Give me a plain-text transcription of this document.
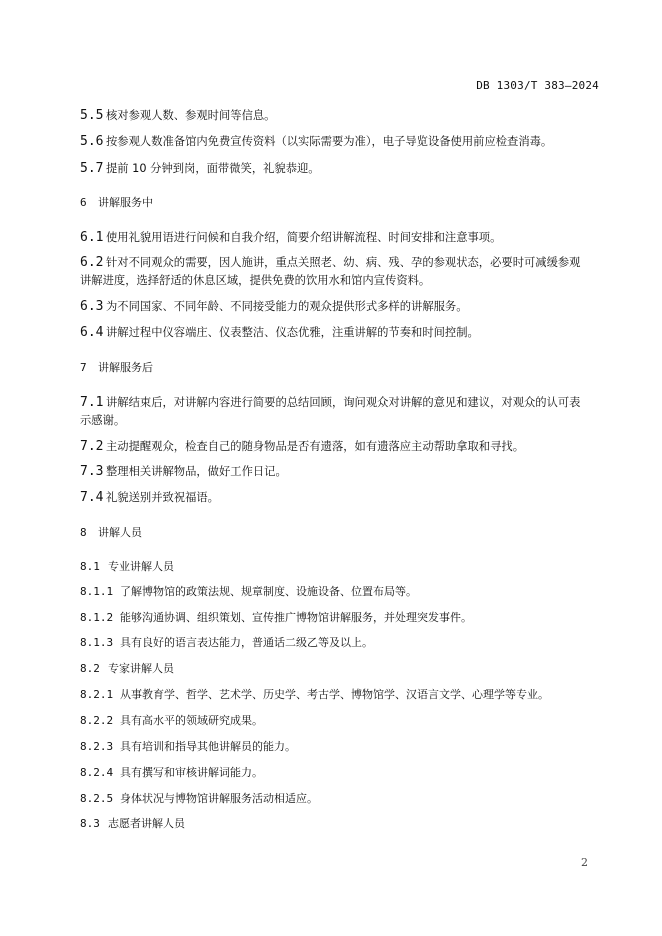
DB 1303/T 383—2024
5.5 核对参观人数、参观时间等信息。
5.6 按参观人数准备馆内免费宣传资料（以实际需要为准），电子导览设备使用前应检查消毒。
5.7 提前 10 分钟到岗，面带微笑，礼貌恭迎。
6 讲解服务中
6.1 使用礼貌用语进行问候和自我介绍，简要介绍讲解流程、时间安排和注意事项。
6.2 针对不同观众的需要，因人施讲，重点关照老、幼、病、残、孕的参观状态，必要时可减缓参观
讲解进度，选择舒适的休息区域，提供免费的饮用水和馆内宣传资料。
6.3 为不同国家、不同年龄、不同接受能力的观众提供形式多样的讲解服务。
6.4 讲解过程中仪容端庄、仪表整洁、仪态优雅，注重讲解的节奏和时间控制。
7 讲解服务后
7.1 讲解结束后，对讲解内容进行简要的总结回顾，询问观众对讲解的意见和建议，对观众的认可表
示感谢。
7.2 主动提醒观众，检查自己的随身物品是否有遗落，如有遗落应主动帮助拿取和寻找。
7.3 整理相关讲解物品，做好工作日记。
7.4 礼貌送别并致祝福语。
8 讲解人员
8.1 专业讲解人员
8.1.1 了解博物馆的政策法规、规章制度、设施设备、位置布局等。
8.1.2 能够沟通协调、组织策划、宣传推广博物馆讲解服务，并处理突发事件。
8.1.3 具有良好的语言表达能力，普通话二级乙等及以上。
8.2 专家讲解人员
8.2.1 从事教育学、哲学、艺术学、历史学、考古学、博物馆学、汉语言文学、心理学等专业。
8.2.2 具有高水平的领域研究成果。
8.2.3 具有培训和指导其他讲解员的能力。
8.2.4 具有撰写和审核讲解词能力。
8.2.5 身体状况与博物馆讲解服务活动相适应。
8.3 志愿者讲解人员
2
